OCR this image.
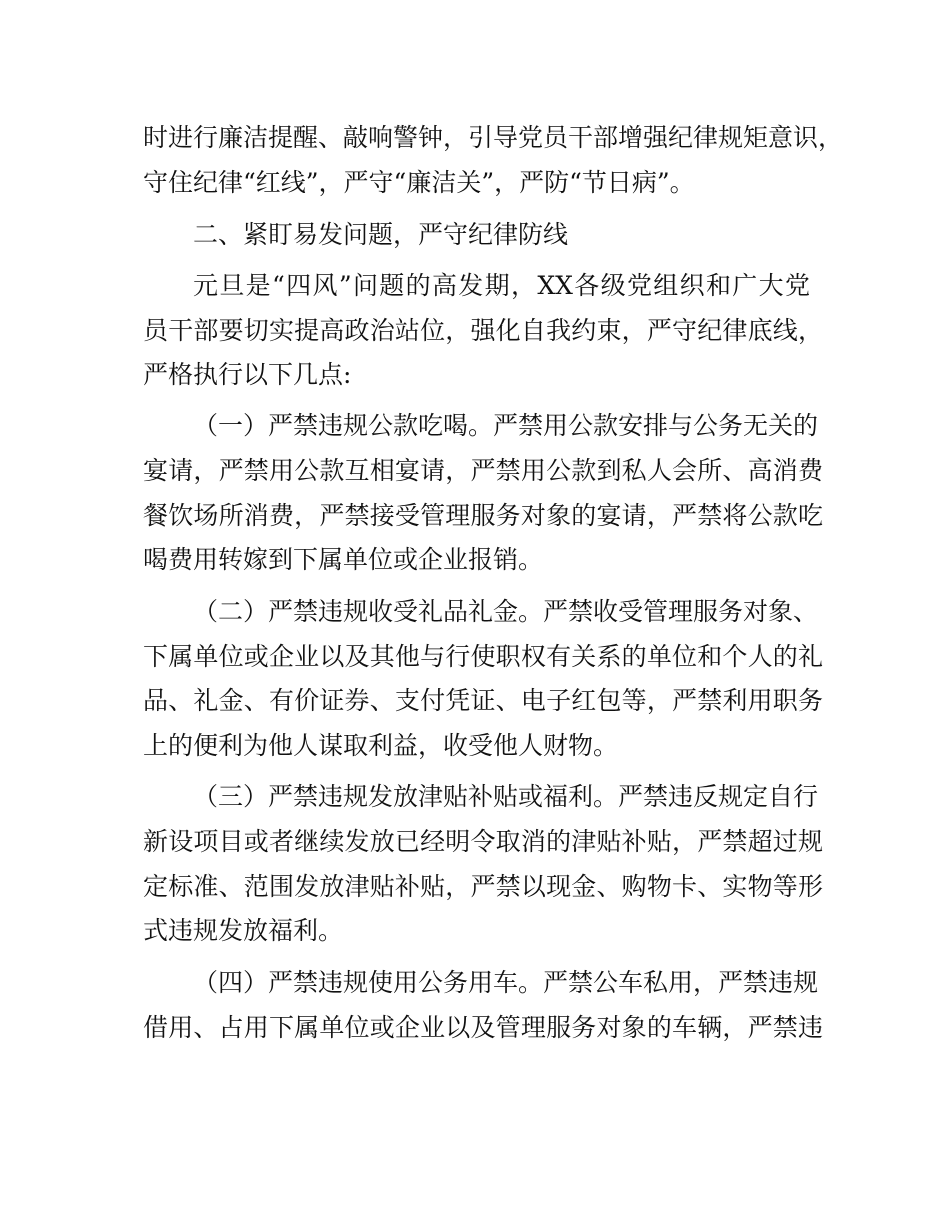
时进行廉洁提醒、敲响警钟，引导党员干部增强纪律规矩意识，
守住纪律“红线”，严守“廉洁关”，严防“节日病”。
二、紧盯易发问题，严守纪律防线
元旦是“四风”问题的高发期，XX各级党组织和广大党
员干部要切实提高政治站位，强化自我约束，严守纪律底线，
严格执行以下几点:
（一）严禁违规公款吃喝。严禁用公款安排与公务无关的
宴请，严禁用公款互相宴请，严禁用公款到私人会所、高消费
餐饮场所消费，严禁接受管理服务对象的宴请，严禁将公款吃
喝费用转嫁到下属单位或企业报销。
（二）严禁违规收受礼品礼金。严禁收受管理服务对象、
下属单位或企业以及其他与行使职权有关系的单位和个人的礼
品、礼金、有价证券、支付凭证、电子红包等，严禁利用职务
上的便利为他人谋取利益，收受他人财物。
（三）严禁违规发放津贴补贴或福利。严禁违反规定自行
新设项目或者继续发放已经明令取消的津贴补贴，严禁超过规
定标准、范围发放津贴补贴，严禁以现金、购物卡、实物等形
式违规发放福利。
（四）严禁违规使用公务用车。严禁公车私用，严禁违规
借用、占用下属单位或企业以及管理服务对象的车辆，严禁违
